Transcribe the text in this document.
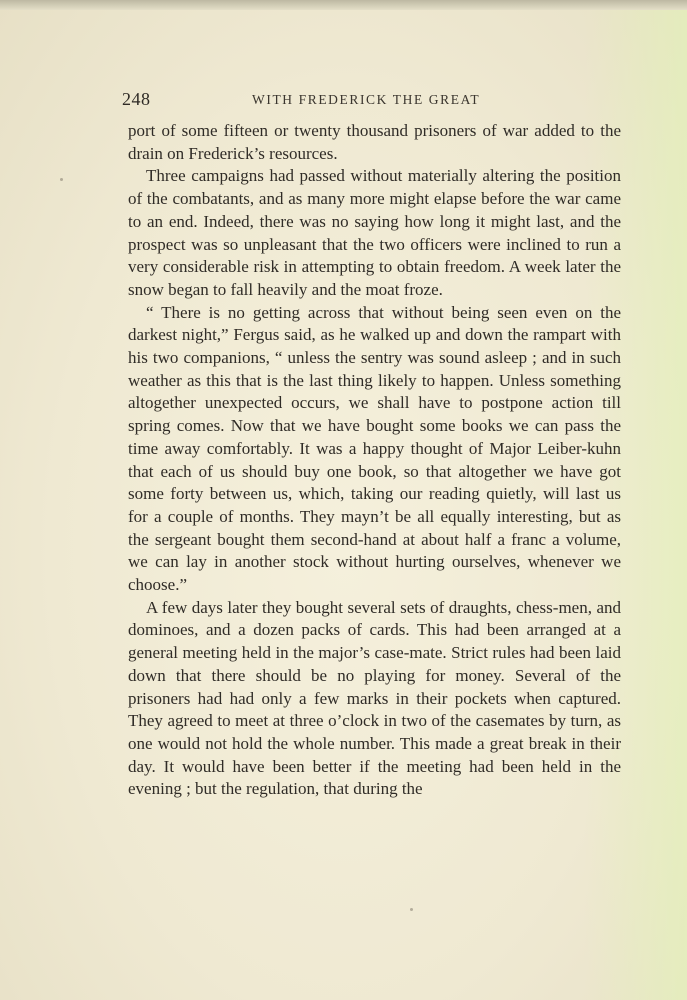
248	WITH FREDERICK THE GREAT

port of some fifteen or twenty thousand prisoners of war added to the drain on Frederick’s resources.

Three campaigns had passed without materially altering the position of the combatants, and as many more might elapse before the war came to an end. Indeed, there was no saying how long it might last, and the prospect was so unpleasant that the two officers were inclined to run a very considerable risk in attempting to obtain freedom. A week later the snow began to fall heavily and the moat froze.

“ There is no getting across that without being seen even on the darkest night,” Fergus said, as he walked up and down the rampart with his two companions, “ unless the sentry was sound asleep ; and in such weather as this that is the last thing likely to happen. Unless something altogether unexpected occurs, we shall have to postpone action till spring comes. Now that we have bought some books we can pass the time away comfortably. It was a happy thought of Major Leiber-kuhn that each of us should buy one book, so that altogether we have got some forty between us, which, taking our reading quietly, will last us for a couple of months. They mayn’t be all equally interesting, but as the sergeant bought them second-hand at about half a franc a volume, we can lay in another stock without hurting ourselves, whenever we choose.”

A few days later they bought several sets of draughts, chess-men, and dominoes, and a dozen packs of cards. This had been arranged at a general meeting held in the major’s case-mate. Strict rules had been laid down that there should be no playing for money. Several of the prisoners had had only a few marks in their pockets when captured. They agreed to meet at three o’clock in two of the casemates by turn, as one would not hold the whole number. This made a great break in their day. It would have been better if the meeting had been held in the evening ; but the regulation, that during the
